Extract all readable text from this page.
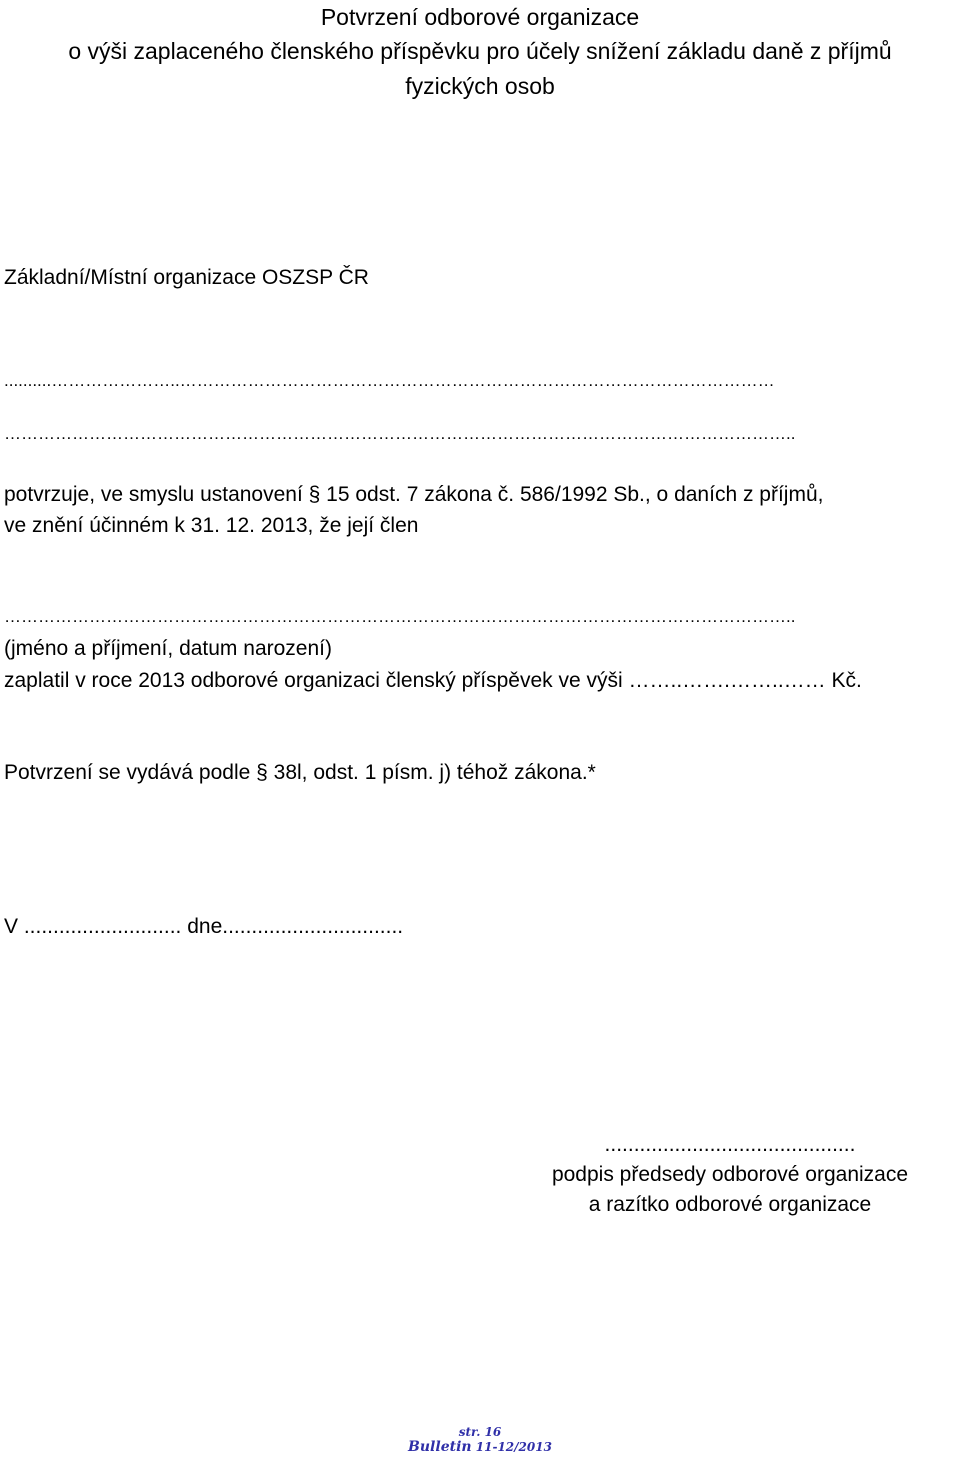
Potvrzení odborové organizace
o výši zaplaceného členského příspěvku pro účely snížení základu daně z příjmů
fyzických osob
Základní/Místní organizace OSZSP ČR
..........…………………..……………………………………………………………………………………………
…………………………………………………………………………………………………………………………..
potvrzuje, ve smyslu ustanovení § 15 odst. 7 zákona č. 586/1992 Sb., o daních z příjmů,
ve znění účinném k 31. 12. 2013, že její člen
…………………………………………………………………………………………………………………………..
(jméno a příjmení, datum narození)
zaplatil v roce 2013 odborové organizaci členský příspěvek ve výši ……..…….……..…… Kč.
Potvrzení se vydává podle § 38l, odst. 1 písm. j) téhož zákona.*
V ........................... dne...............................
...........................................
podpis předsedy odborové organizace
a razítko odborové organizace
str. 16
Bulletin 11-12/2013
